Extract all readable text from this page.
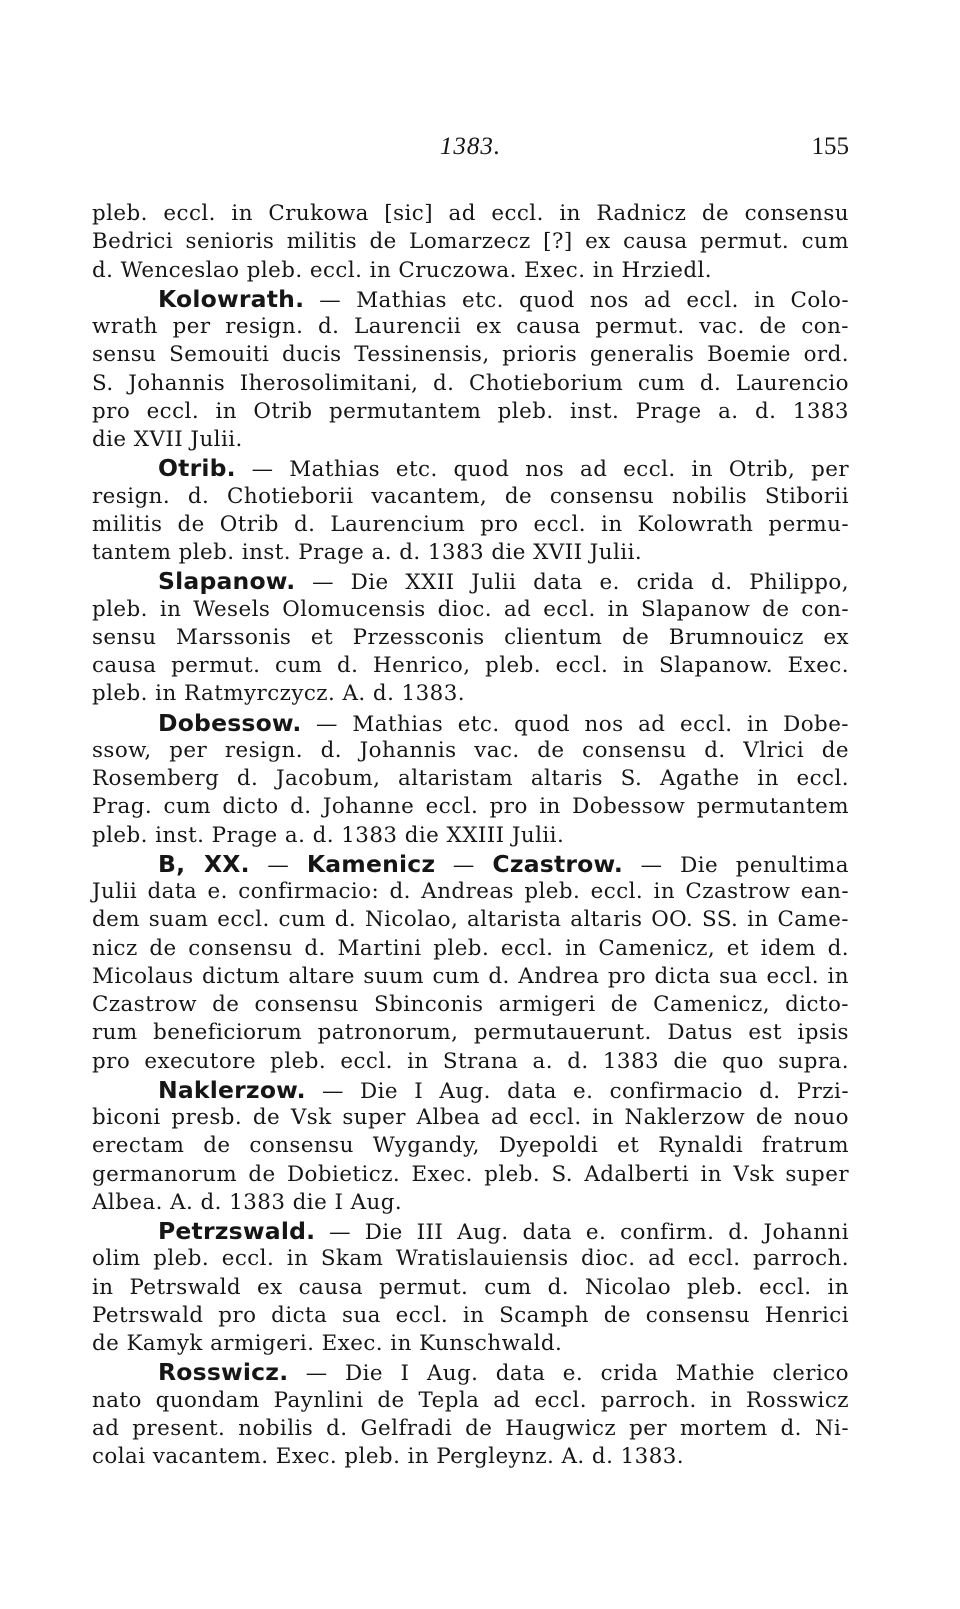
1383.	155
pleb. eccl. in Crukowa [sic] ad eccl. in Radnicz de consensu
Bedrici senioris militis de Lomarzecz [?] ex causa permut. cum
d. Wenceslao pleb. eccl. in Cruczowa. Exec. in Hrziedl.
Kolowrath. — Mathias etc. quod nos ad eccl. in Colo-
wrath per resign. d. Laurencii ex causa permut. vac. de con-
sensu Semouiti ducis Tessinensis, prioris generalis Boemie ord.
S. Johannis Iherosolimitani, d. Chotieborium cum d. Laurencio
pro eccl. in Otrib permutantem pleb. inst. Prage a. d. 1383
die XVII Julii.
Otrib. — Mathias etc. quod nos ad eccl. in Otrib, per
resign. d. Chotieborii vacantem, de consensu nobilis Stiborii
militis de Otrib d. Laurencium pro eccl. in Kolowrath permu-
tantem pleb. inst. Prage a. d. 1383 die XVII Julii.
Slapanow. — Die XXII Julii data e. crida d. Philippo,
pleb. in Wesels Olomucensis dioc. ad eccl. in Slapanow de con-
sensu Marssonis et Przessconis clientum de Brumnouicz ex
causa permut. cum d. Henrico, pleb. eccl. in Slapanow. Exec.
pleb. in Ratmyrczycz. A. d. 1383.
Dobessow. — Mathias etc. quod nos ad eccl. in Dobe-
ssow, per resign. d. Johannis vac. de consensu d. Vlrici de
Rosemberg d. Jacobum, altaristam altaris S. Agathe in eccl.
Prag. cum dicto d. Johanne eccl. pro in Dobessow permutantem
pleb. inst. Prage a. d. 1383 die XXIII Julii.
B, XX. — Kamenicz — Czastrow. — Die penultima
Julii data e. confirmacio: d. Andreas pleb. eccl. in Czastrow ean-
dem suam eccl. cum d. Nicolao, altarista altaris OO. SS. in Came-
nicz de consensu d. Martini pleb. eccl. in Camenicz, et idem d.
Micolaus dictum altare suum cum d. Andrea pro dicta sua eccl. in
Czastrow de consensu Sbinconis armigeri de Camenicz, dicto-
rum beneficiorum patronorum, permutauerunt. Datus est ipsis
pro executore pleb. eccl. in Strana a. d. 1383 die quo supra.
Naklerzow. — Die I Aug. data e. confirmacio d. Przi-
biconi presb. de Vsk super Albea ad eccl. in Naklerzow de nouo
erectam de consensu Wygandy, Dyepoldi et Rynaldi fratrum
germanorum de Dobieticz. Exec. pleb. S. Adalberti in Vsk super
Albea. A. d. 1383 die I Aug.
Petrzswald. — Die III Aug. data e. confirm. d. Johanni
olim pleb. eccl. in Skam Wratislauiensis dioc. ad eccl. parroch.
in Petrswald ex causa permut. cum d. Nicolao pleb. eccl. in
Petrswald pro dicta sua eccl. in Scamph de consensu Henrici
de Kamyk armigeri. Exec. in Kunschwald.
Rosswicz. — Die I Aug. data e. crida Mathie clerico
nato quondam Paynlini de Tepla ad eccl. parroch. in Rosswicz
ad present. nobilis d. Gelfradi de Haugwicz per mortem d. Ni-
colai vacantem. Exec. pleb. in Pergleynz. A. d. 1383.
